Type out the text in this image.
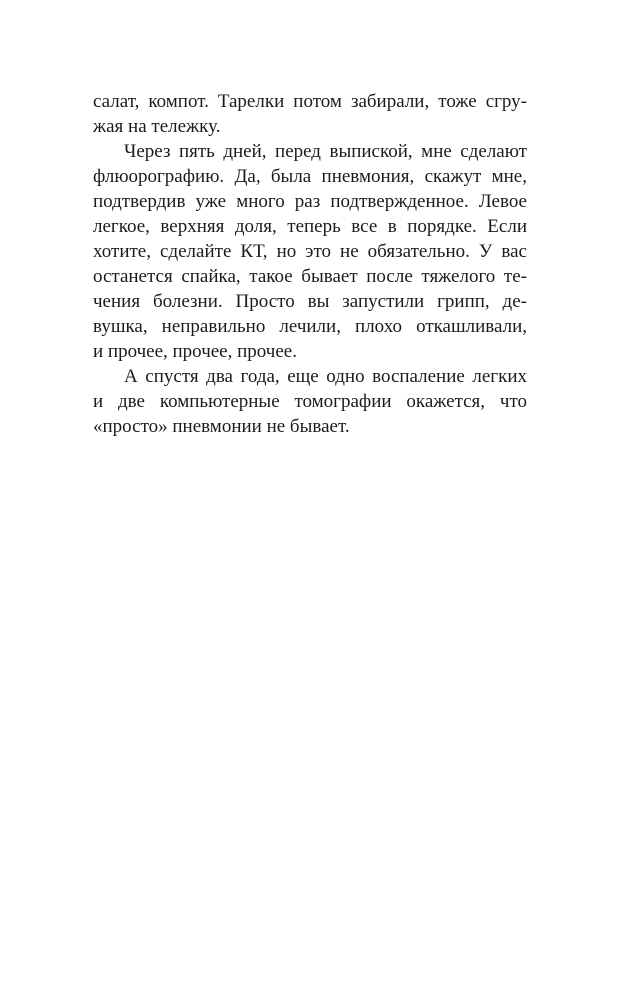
салат, компот. Тарелки потом забирали, тоже сгру-
жая на тележку.
Через пять дней, перед выпиской, мне сделают
флюорографию. Да, была пневмония, скажут мне,
подтвердив уже много раз подтвержденное. Левое
легкое, верхняя доля, теперь все в порядке. Если
хотите, сделайте КТ, но это не обязательно. У вас
останется спайка, такое бывает после тяжелого те-
чения болезни. Просто вы запустили грипп, де-
вушка, неправильно лечили, плохо откашливали,
и прочее, прочее, прочее.
А спустя два года, еще одно воспаление легких
и две компьютерные томографии окажется, что
«просто» пневмонии не бывает.
